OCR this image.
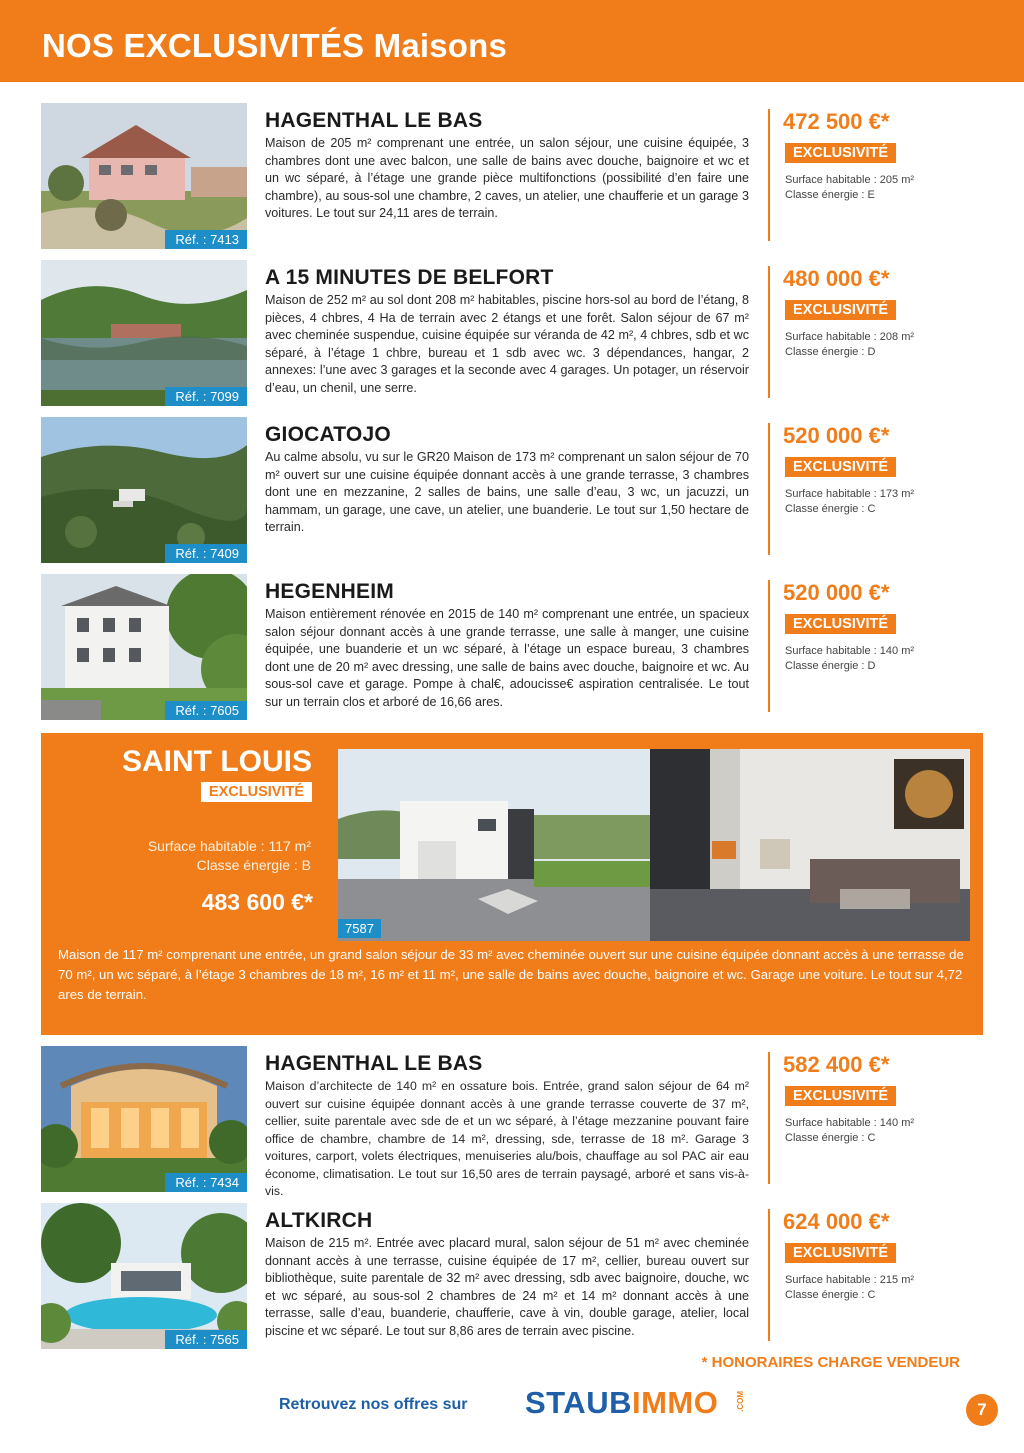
NOS EXCLUSIVITÉS Maisons
Réf. : 7413
HAGENTHAL LE BAS
Maison de 205 m² comprenant une entrée, un salon séjour, une cuisine équipée, 3 chambres dont une avec balcon, une salle de bains avec douche, baignoire et wc et un wc séparé, à l’étage une grande pièce multifonctions (possibilité d’en faire une chambre), au sous-sol une chambre, 2 caves, un atelier, une chaufferie et un garage 3 voitures. Le tout sur 24,11 ares de terrain.
472 500 €*
EXCLUSIVITÉ
Surface habitable : 205 m²
Classe énergie : E
Réf. : 7099
A 15 MINUTES DE BELFORT
Maison de 252 m² au sol dont 208 m² habitables, piscine hors-sol au bord de l’étang, 8 pièces, 4 chbres, 4 Ha de terrain avec 2 étangs et une forêt. Salon séjour de 67 m² avec cheminée suspendue, cuisine équipée sur véranda de 42 m², 4 chbres, sdb et wc séparé, à l’étage 1 chbre, bureau et 1 sdb avec wc. 3 dépendances, hangar, 2 annexes: l’une avec 3 garages et la seconde avec 4 garages. Un potager, un réservoir d’eau, un chenil, une serre.
480 000 €*
EXCLUSIVITÉ
Surface habitable : 208 m²
Classe énergie : D
Réf. : 7409
GIOCATOJO
Au calme absolu, vu sur le GR20 Maison de 173 m² comprenant un salon séjour de 70 m² ouvert sur une cuisine équipée donnant accès à une grande terrasse, 3 chambres dont une en mezzanine, 2 salles de bains, une salle d’eau, 3 wc, un jacuzzi, un hammam, un garage, une cave, un atelier, une buanderie. Le tout sur 1,50 hectare de terrain.
520 000 €*
EXCLUSIVITÉ
Surface habitable : 173 m²
Classe énergie : C
Réf. : 7605
HEGENHEIM
Maison entièrement rénovée en 2015 de 140 m² comprenant une entrée, un spacieux salon séjour donnant accès à une grande terrasse, une salle à manger, une cuisine équipée, une buanderie et un wc séparé, à l’étage un espace bureau, 3 chambres dont une de 20 m² avec dressing, une salle de bains avec douche, baignoire et wc. Au sous-sol cave et garage. Pompe à chal€, adoucisse€ aspiration centralisée. Le tout sur un terrain clos et arboré de 16,66 ares.
520 000 €*
EXCLUSIVITÉ
Surface habitable : 140 m²
Classe énergie : D
SAINT LOUIS
EXCLUSIVITÉ
Surface habitable : 117 m²
Classe énergie : B
483 600 €*
7587
Maison de 117 m² comprenant une entrée, un grand salon séjour de 33 m² avec cheminée ouvert sur une cuisine équipée donnant accès à une terrasse de 70 m², un wc séparé, à l’étage 3 chambres de 18 m², 16 m² et 11 m², une salle de bains avec douche, baignoire et wc. Garage une voiture. Le tout sur 4,72 ares de terrain.
Réf. : 7434
HAGENTHAL LE BAS
Maison d’architecte de 140 m² en ossature bois. Entrée, grand salon séjour de 64 m² ouvert sur cuisine équipée donnant accès à une grande terrasse couverte de 37 m², cellier, suite parentale avec sde de et un wc séparé, à l’étage mezzanine pouvant faire office de chambre, chambre de 14 m², dressing, sde, terrasse de 18 m². Garage 3 voitures, carport, volets électriques, menuiseries alu/bois, chauffage au sol PAC air eau économe, climatisation. Le tout sur 16,50 ares de terrain paysagé, arboré et sans vis-à-vis.
582 400 €*
EXCLUSIVITÉ
Surface habitable : 140 m²
Classe énergie : C
Réf. : 7565
ALTKIRCH
Maison de 215 m². Entrée avec placard mural, salon séjour de 51 m² avec cheminée donnant accès à une terrasse, cuisine équipée de 17 m², cellier, bureau ouvert sur bibliothèque, suite parentale de 32 m² avec dressing, sdb avec baignoire, douche, wc et wc séparé, au sous-sol 2 chambres de 24 m² et 14 m² donnant accès à une terrasse, salle d’eau, buanderie, chaufferie, cave à vin, double garage, atelier, local piscine et wc séparé. Le tout sur 8,86 ares de terrain avec piscine.
624 000 €*
EXCLUSIVITÉ
Surface habitable : 215 m²
Classe énergie : C
* HONORAIRES CHARGE VENDEUR
Retrouvez nos offres sur STAUBIMMO .COM	7
